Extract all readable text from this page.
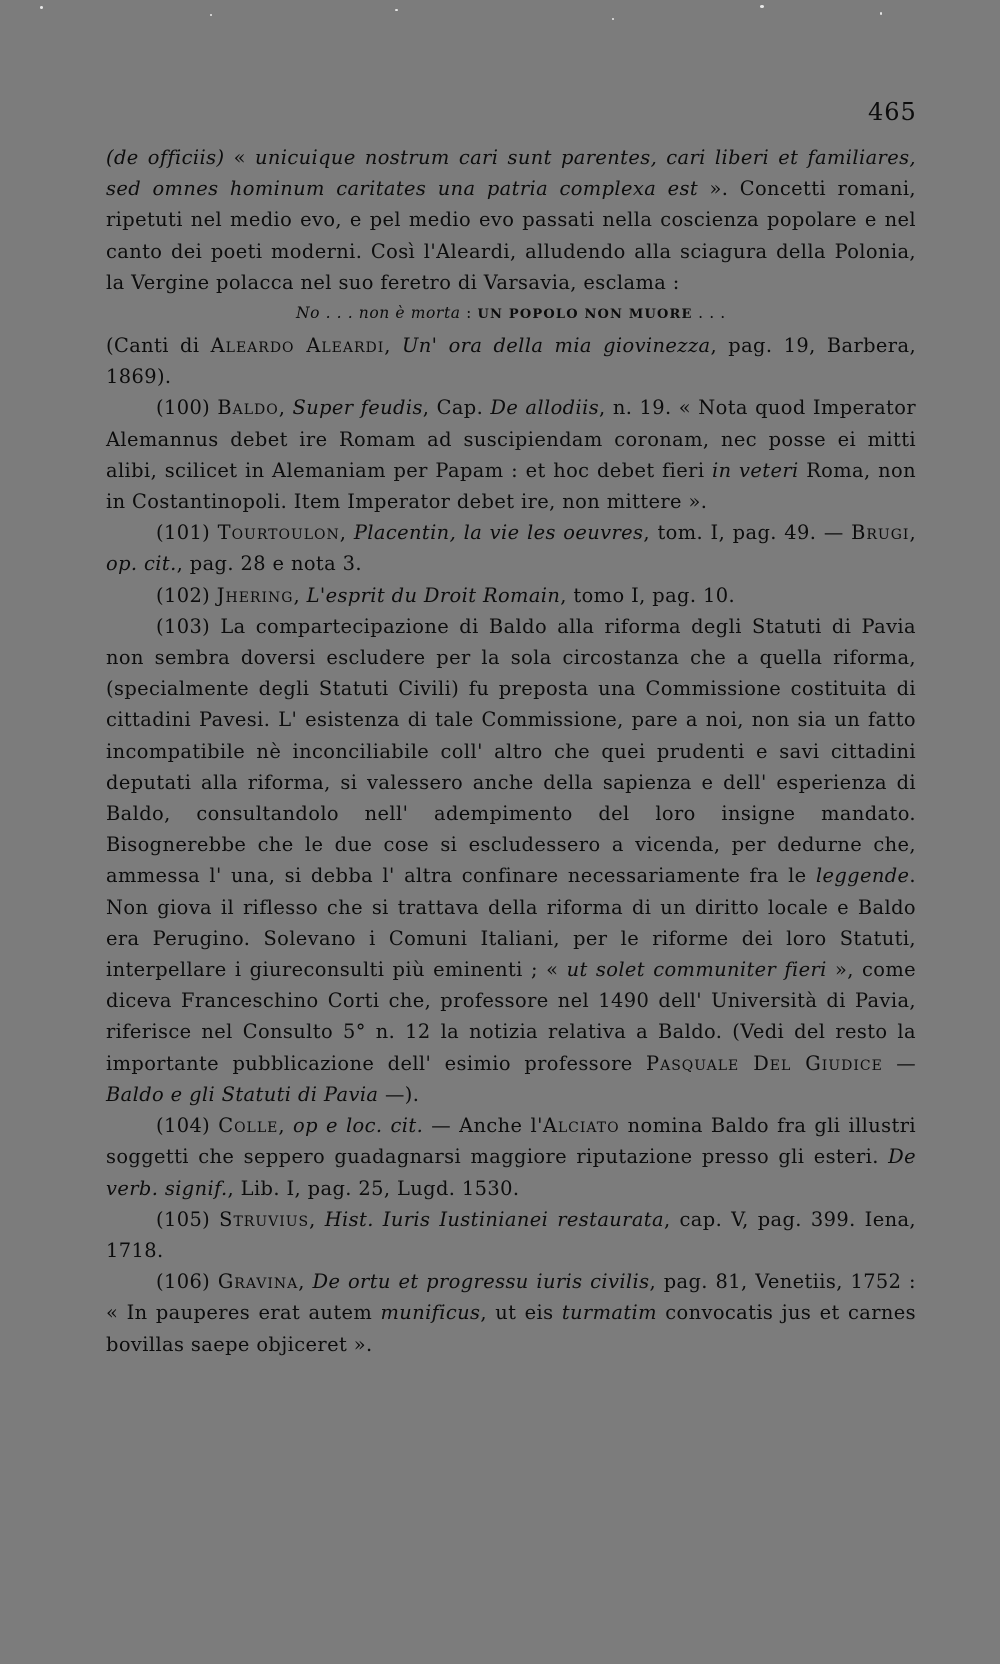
465

(de officiis) « unicuique nostrum cari sunt parentes, cari liberi et familiares, sed omnes hominum caritates una patria complexa est ». Concetti romani, ripetuti nel medio evo, e pel medio evo passati nella coscienza popolare e nel canto dei poeti moderni. Così l'Aleardi, alludendo alla sciagura della Polonia, la Vergine polacca nel suo feretro di Varsavia, esclama :

No . . . non è morta : UN POPOLO NON MUORE . . .

(Canti di Aleardo Aleardi, Un' ora della mia giovinezza, pag. 19, Barbera, 1869).

(100) Baldo, Super feudis, Cap. De allodiis, n. 19. « Nota quod Imperator Alemannus debet ire Romam ad suscipiendam coronam, nec posse ei mitti alibi, scilicet in Alemaniam per Papam : et hoc debet fieri in veteri Roma, non in Costantinopoli. Item Imperator debet ire, non mittere ».

(101) Tourtoulon, Placentin, la vie les oeuvres, tom. I, pag. 49. — Brugi, op. cit., pag. 28 e nota 3.

(102) Jhering, L'esprit du Droit Romain, tomo I, pag. 10.

(103) La compartecipazione di Baldo alla riforma degli Statuti di Pavia non sembra doversi escludere per la sola circostanza che a quella riforma, (specialmente degli Statuti Civili) fu preposta una Commissione costituita di cittadini Pavesi. L' esistenza di tale Commissione, pare a noi, non sia un fatto incompatibile nè inconciliabile coll' altro che quei prudenti e savi cittadini deputati alla riforma, si valessero anche della sapienza e dell' esperienza di Baldo, consultandolo nell' adempimento del loro insigne mandato. Bisognerebbe che le due cose si escludessero a vicenda, per dedurne che, ammessa l' una, si debba l' altra confinare necessariamente fra le leggende. Non giova il riflesso che si trattava della riforma di un diritto locale e Baldo era Perugino. Solevano i Comuni Italiani, per le riforme dei loro Statuti, interpellare i giureconsulti più eminenti ; « ut solet communiter fieri », come diceva Franceschino Corti che, professore nel 1490 dell' Università di Pavia, riferisce nel Consulto 5° n. 12 la notizia relativa a Baldo. (Vedi del resto la importante pubblicazione dell' esimio professore Pasquale Del Giudice — Baldo e gli Statuti di Pavia —).

(104) Colle, op e loc. cit. — Anche l'Alciato nomina Baldo fra gli illustri soggetti che seppero guadagnarsi maggiore riputazione presso gli esteri. De verb. signif., Lib. I, pag. 25, Lugd. 1530.

(105) Struvius, Hist. Iuris Iustinianei restaurata, cap. V, pag. 399. Iena, 1718.

(106) Gravina, De ortu et progressu iuris civilis, pag. 81, Venetiis, 1752 : « In pauperes erat autem munificus, ut eis turmatim convocatis jus et carnes bovillas saepe objiceret ».
